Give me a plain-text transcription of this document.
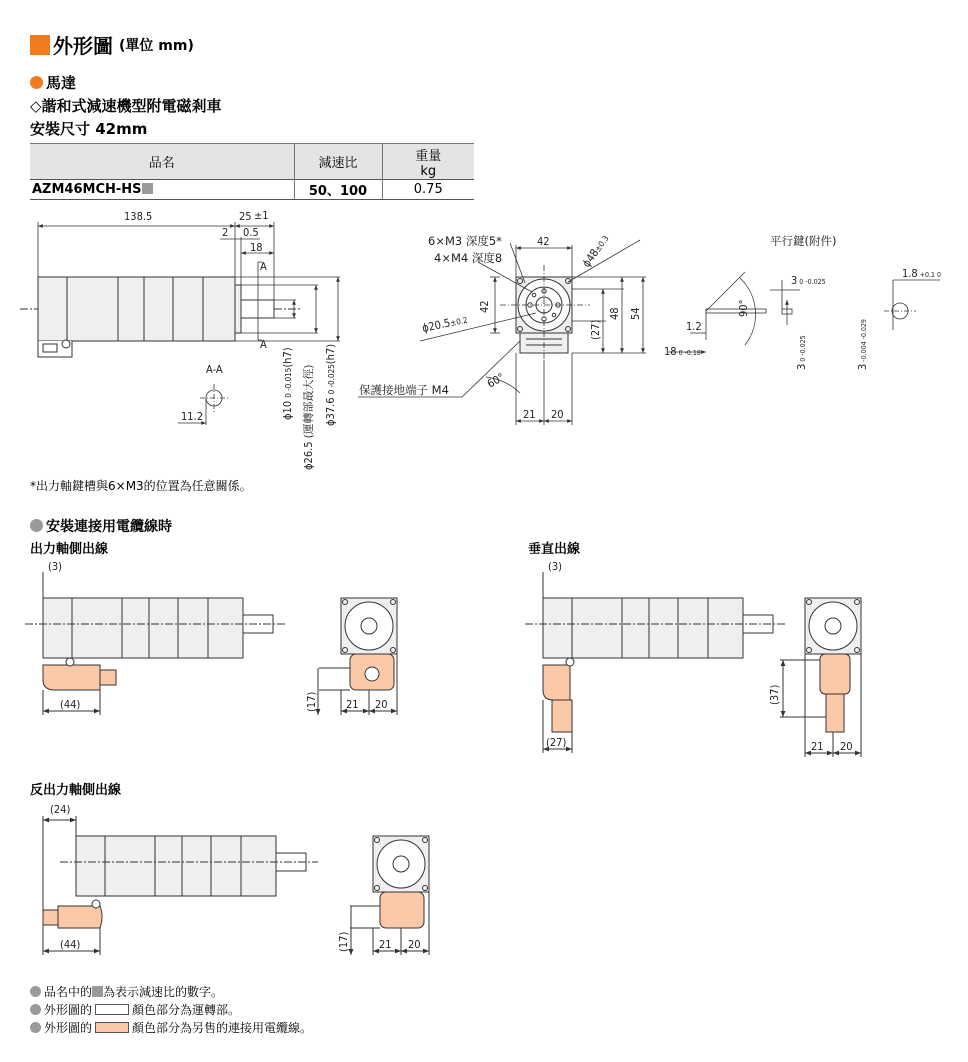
外形圖 (單位 mm)
馬達
◇諧和式減速機型附電磁剎車
安裝尺寸 42mm
品名	減速比	重量
kg
AZM46MCH-HS	50、100	0.75
138.5	25 ±1
2 0.5
18
A
A
ϕ10 0 -0.015(h7)
ϕ26.5 (運轉部最大徑) ϕ37.6 0 -0.025(h7)
A-A
11.2
6×M3 深度5*
4×M4 深度8
42
ϕ48±0.3
42
ϕ20.5±0.2	(27)
48 54
保護接地端子 M4	60°
21 20
平行鍵(附件)
90°
1.2
18 0 -0.18
3 0 -0.025
30 -0.025
3-0.004 -0.029
1.8 +0.1 0
(3)
(44)	(17)	21 20
(3)
(27)
(37)
21 20
(24)
(44)	(17)	21 20
*出力軸鍵槽與6×M3的位置為任意關係。
安裝連接用電纜線時
出力軸側出線	垂直出線
反出力軸側出線
品名中的 為表示減速比的數字。
外形圖的	顏色部分為運轉部。
外形圖的	顏色部分為另售的連接用電纜線。
